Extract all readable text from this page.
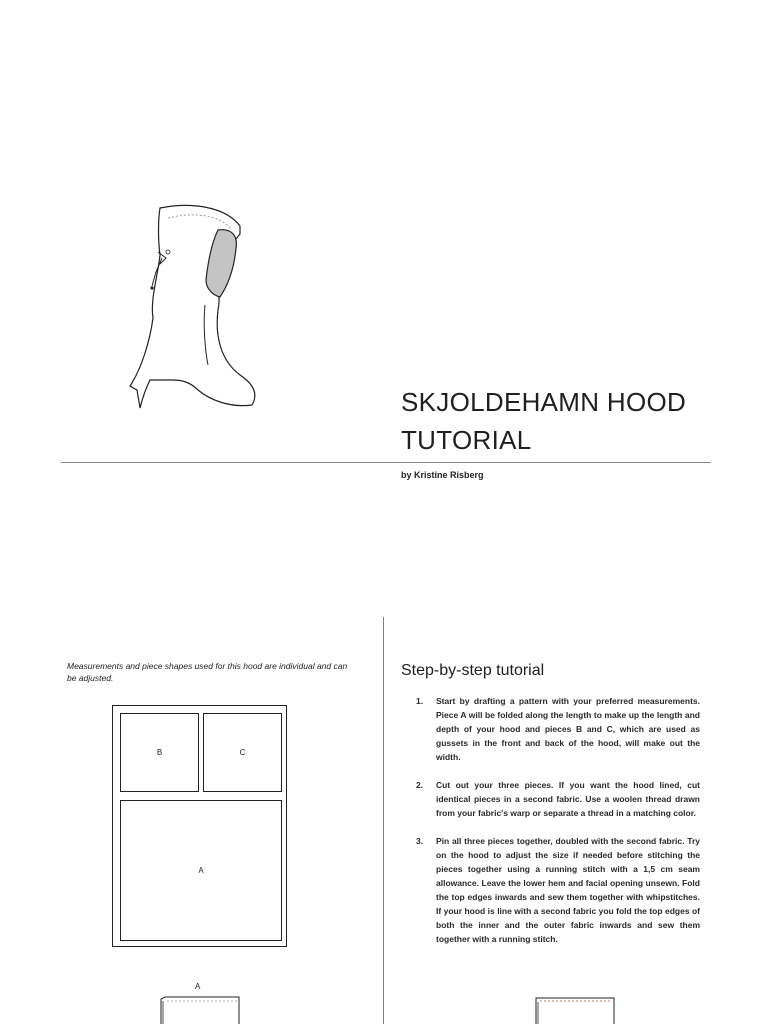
SKJOLDEHAMN HOOD
TUTORIAL
by Kristine Risberg
Measurements and piece shapes used for this hood are individual and can be adjusted.
B	C
A
A
Step-by-step tutorial
1. Start by drafting a pattern with your preferred measurements. Piece A will be folded along the length to make up the length and depth of your hood and pieces B and C, which are used as gussets in the front and back of the hood, will make out the width.
2. Cut out your three pieces. If you want the hood lined, cut identical pieces in a second fabric. Use a woolen thread drawn from your fabric's warp or separate a thread in a matching color.
3. Pin all three pieces together, doubled with the second fabric. Try on the hood to adjust the size if needed before stitching the pieces together using a running stitch with a 1,5 cm seam allowance. Leave the lower hem and facial opening unsewn. Fold the top edges inwards and sew them together with whipstitches. If your hood is line with a second fabric you fold the top edges of both the inner and the outer fabric inwards and sew them together with a running stitch.
